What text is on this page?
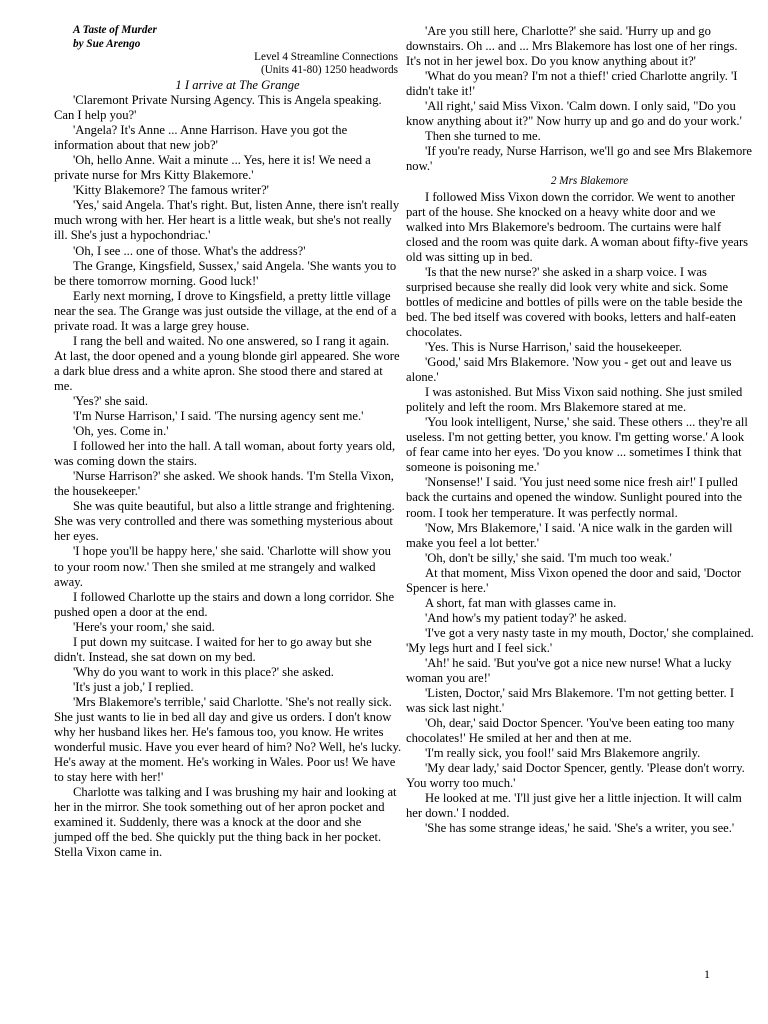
A Taste of Murder

by Sue Arengo

Level 4 Streamline Connections

(Units 41-80) 1250 headwords

1 I arrive at The Grange

'Claremont Private Nursing Agency. This is Angela speaking. Can I help you?'

'Angela? It's Anne ... Anne Harrison. Have you got the information about that new job?'

'Oh, hello Anne. Wait a minute ... Yes, here it is! We need a private nurse for Mrs Kitty Blakemore.'

'Kitty Blakemore? The famous writer?'

'Yes,' said Angela. That's right. But, listen Anne, there isn't really much wrong with her. Her heart is a little weak, but she's not really ill. She's just a hypochondriac.'

'Oh, I see ... one of those. What's the address?'

The Grange, Kingsfield, Sussex,' said Angela. 'She wants you to be there tomorrow morning. Good luck!'

Early next morning, I drove to Kingsfield, a pretty little village near the sea. The Grange was just outside the village, at the end of a private road. It was a large grey house.

I rang the bell and waited. No one answered, so I rang it again. At last, the door opened and a young blonde girl appeared. She wore a dark blue dress and a white apron. She stood there and stared at me.

'Yes?' she said.

'I'm Nurse Harrison,' I said. 'The nursing agency sent me.'

'Oh, yes. Come in.'

I followed her into the hall. A tall woman, about forty years old, was coming down the stairs.

'Nurse Harrison?' she asked. We shook hands. 'I'm Stella Vixon, the housekeeper.'

She was quite beautiful, but also a little strange and frightening. She was very controlled and there was something mysterious about her eyes.

'I hope you'll be happy here,' she said. 'Charlotte will show you to your room now.' Then she smiled at me strangely and walked away.

I followed Charlotte up the stairs and down a long corridor. She pushed open a door at the end.

'Here's your room,' she said.

I put down my suitcase. I waited for her to go away but she didn't. Instead, she sat down on my bed.

'Why do you want to work in this place?' she asked.

'It's just a job,' I replied.

'Mrs Blakemore's terrible,' said Charlotte. 'She's not really sick. She just wants to lie in bed all day and give us orders. I don't know why her husband likes her. He's famous too, you know. He writes wonderful music. Have you ever heard of him? No? Well, he's lucky. He's away at the moment. He's working in Wales. Poor us! We have to stay here with her!'

Charlotte was talking and I was brushing my hair and looking at her in the mirror. She took something out of her apron pocket and examined it. Suddenly, there was a knock at the door and she jumped off the bed. She quickly put the thing back in her pocket. Stella Vixon came in.

'Are you still here, Charlotte?' she said. 'Hurry up and go downstairs. Oh ... and ... Mrs Blakemore has lost one of her rings. It's not in her jewel box. Do you know anything about it?'

'What do you mean? I'm not a thief!' cried Charlotte angrily. 'I didn't take it!'

'All right,' said Miss Vixon. 'Calm down. I only said, "Do you know anything about it?" Now hurry up and go and do your work.'

Then she turned to me.

'If you're ready, Nurse Harrison, we'll go and see Mrs Blakemore now.'

2 Mrs Blakemore

I followed Miss Vixon down the corridor. We went to another part of the house. She knocked on a heavy white door and we walked into Mrs Blakemore's bedroom. The curtains were half closed and the room was quite dark. A woman about fifty-five years old was sitting up in bed.

'Is that the new nurse?' she asked in a sharp voice. I was surprised because she really did look very white and sick. Some bottles of medicine and bottles of pills were on the table beside the bed. The bed itself was covered with books, letters and half-eaten chocolates.

'Yes. This is Nurse Harrison,' said the housekeeper.

'Good,' said Mrs Blakemore. 'Now you - get out and leave us alone.'

I was astonished. But Miss Vixon said nothing. She just smiled politely and left the room. Mrs Blakemore stared at me.

'You look intelligent, Nurse,' she said. These others ... they're all useless. I'm not getting better, you know. I'm getting worse.' A look of fear came into her eyes. 'Do you know ... sometimes I think that someone is poisoning me.'

'Nonsense!' I said. 'You just need some nice fresh air!' I pulled back the curtains and opened the window. Sunlight poured into the room. I took her temperature. It was perfectly normal.

'Now, Mrs Blakemore,' I said. 'A nice walk in the garden will make you feel a lot better.'

'Oh, don't be silly,' she said. 'I'm much too weak.'

At that moment, Miss Vixon opened the door and said, 'Doctor Spencer is here.'

A short, fat man with glasses came in.

'And how's my patient today?' he asked.

'I've got a very nasty taste in my mouth, Doctor,' she complained. 'My legs hurt and I feel sick.'

'Ah!' he said. 'But you've got a nice new nurse! What a lucky woman you are!'

'Listen, Doctor,' said Mrs Blakemore. 'I'm not getting better. I was sick last night.'

'Oh, dear,' said Doctor Spencer. 'You've been eating too many chocolates!' He smiled at her and then at me.

'I'm really sick, you fool!' said Mrs Blakemore angrily.

'My dear lady,' said Doctor Spencer, gently. 'Please don't worry. You worry too much.'

He looked at me. 'I'll just give her a little injection. It will calm her down.' I nodded.

'She has some strange ideas,' he said. 'She's a writer, you see.'

1
